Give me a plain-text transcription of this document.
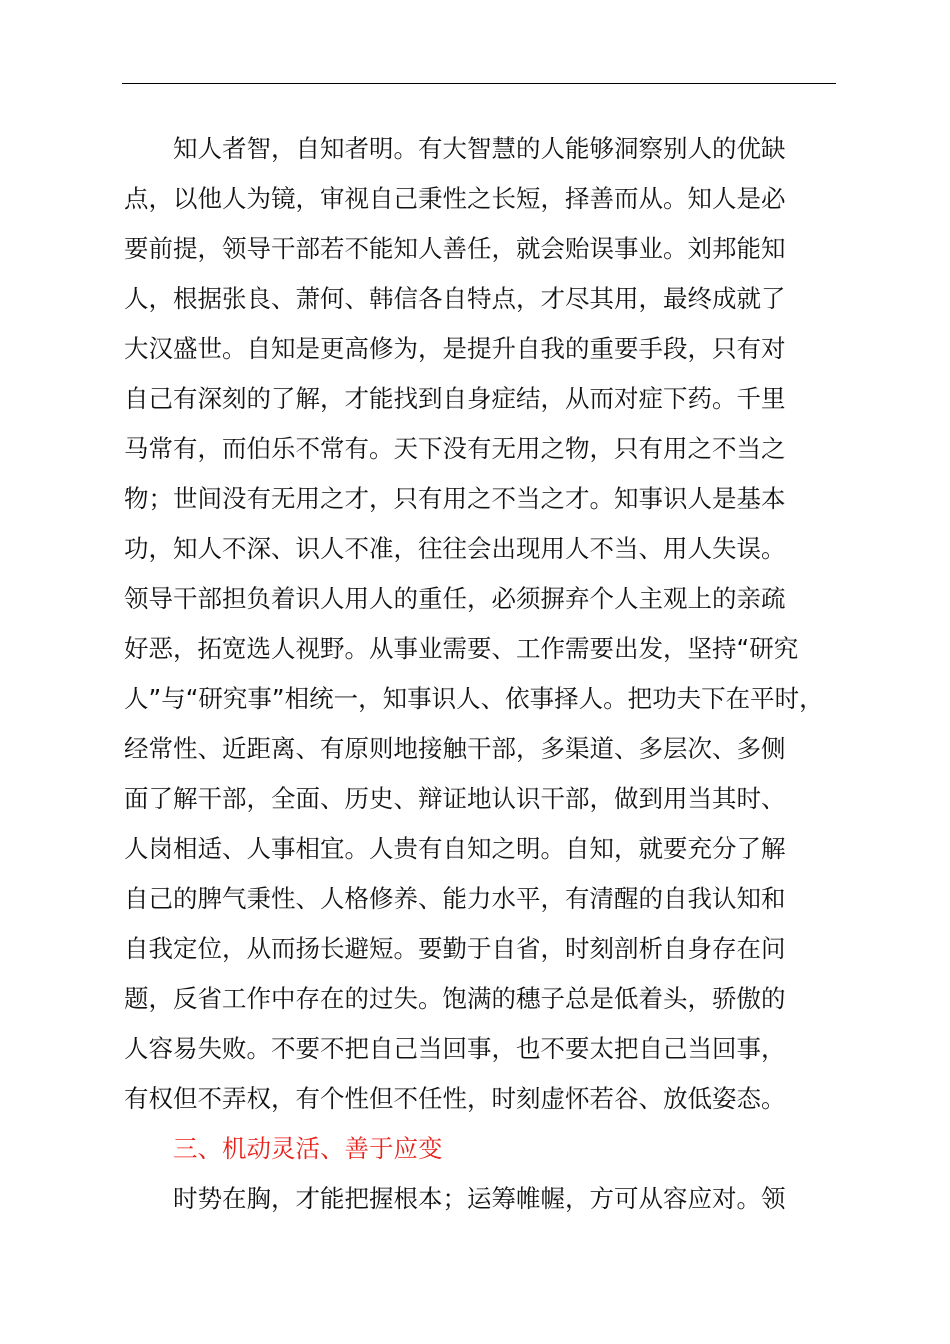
知人者智，自知者明。有大智慧的人能够洞察别人的优缺
点，以他人为镜，审视自己秉性之长短，择善而从。知人是必
要前提，领导干部若不能知人善任，就会贻误事业。刘邦能知
人，根据张良、萧何、韩信各自特点，才尽其用，最终成就了
大汉盛世。自知是更高修为，是提升自我的重要手段，只有对
自己有深刻的了解，才能找到自身症结，从而对症下药。千里
马常有，而伯乐不常有。天下没有无用之物，只有用之不当之
物；世间没有无用之才，只有用之不当之才。知事识人是基本
功，知人不深、识人不准，往往会出现用人不当、用人失误。
领导干部担负着识人用人的重任，必须摒弃个人主观上的亲疏
好恶，拓宽选人视野。从事业需要、工作需要出发，坚持“研究
人”与“研究事”相统一，知事识人、依事择人。把功夫下在平时，
经常性、近距离、有原则地接触干部，多渠道、多层次、多侧
面了解干部，全面、历史、辩证地认识干部，做到用当其时、
人岗相适、人事相宜。人贵有自知之明。自知，就要充分了解
自己的脾气秉性、人格修养、能力水平，有清醒的自我认知和
自我定位，从而扬长避短。要勤于自省，时刻剖析自身存在问
题，反省工作中存在的过失。饱满的穗子总是低着头，骄傲的
人容易失败。不要不把自己当回事，也不要太把自己当回事，
有权但不弄权，有个性但不任性，时刻虚怀若谷、放低姿态。
三、机动灵活、善于应变
时势在胸，才能把握根本；运筹帷幄，方可从容应对。领
